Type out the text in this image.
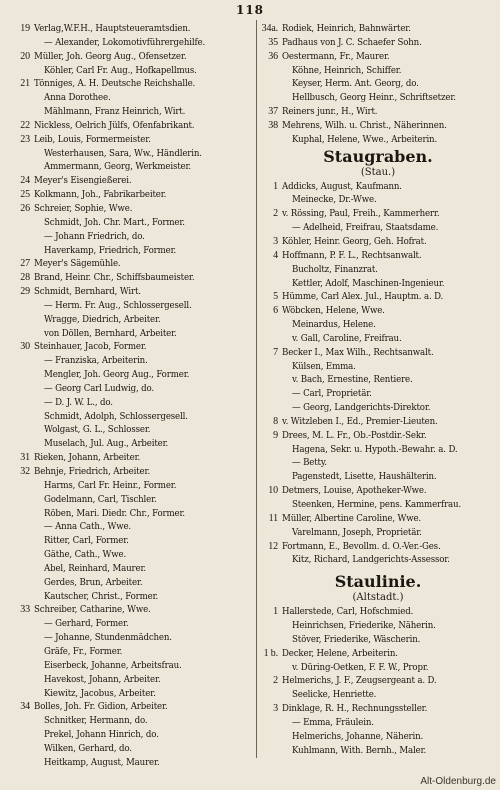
118
19 Verlag,W.F.H., Hauptsteueramtsdien.
— Alexander, Lokomotivführergehilfe.
20 Müller, Joh. Georg Aug., Ofensetzer.
Köhler, Carl Fr. Aug., Hofkapellmus.
21 Tönniges, A. H. Deutsche Reichshalle.
Anna Dorothee.
Mählmann, Franz Heinrich, Wirt.
22 Nickless, Oelrich Jülfs, Ofenfabrikant.
23 Leib, Louis, Formermeister.
Westerhausen, Sara, Ww., Händlerin.
Ammermann, Georg, Werkmeister.
24 Meyer's Eisengießerei.
25 Kolkmann, Joh., Fabrikarbeiter.
26 Schreier, Sophie, Wwe.
Schmidt, Joh. Chr. Mart., Former.
— Johann Friedrich, do.
Haverkamp, Friedrich, Former.
27 Meyer's Sägemühle.
28 Brand, Heinr. Chr., Schiffsbaumeister.
29 Schmidt, Bernhard, Wirt.
— Herm. Fr. Aug., Schlossergesell.
Wragge, Diedrich, Arbeiter.
von Döllen, Bernhard, Arbeiter.
30 Steinhauer, Jacob, Former.
— Franziska, Arbeiterin.
Mengler, Joh. Georg Aug., Former.
— Georg Carl Ludwig, do.
— D. J. W. L., do.
Schmidt, Adolph, Schlossergesell.
Wolgast, G. L., Schlosser.
Muselach, Jul. Aug., Arbeiter.
31 Rieken, Johann, Arbeiter.
32 Behnje, Friedrich, Arbeiter.
Harms, Carl Fr. Heinr., Former.
Godelmann, Carl, Tischler.
Röben, Mari. Diedr. Chr., Former.
— Anna Cath., Wwe.
Ritter, Carl, Former.
Gäthe, Cath., Wwe.
Abel, Reinhard, Maurer.
Gerdes, Brun, Arbeiter.
Kautscher, Christ., Former.
33 Schreiber, Catharine, Wwe.
— Gerhard, Former.
— Johanne, Stundenmädchen.
Gräfe, Fr., Former.
Eiserbeck, Johanne, Arbeitsfrau.
Havekost, Johann, Arbeiter.
Kiewitz, Jacobus, Arbeiter.
34 Bolles, Joh. Fr. Gidion, Arbeiter.
Schnitker, Hermann, do.
Prekel, Johann Hinrich, do.
Wilken, Gerhard, do.
Heitkamp, August, Maurer.
34a. Rodiek, Heinrich, Bahnwärter.
35 Padhaus von J. C. Schaefer Sohn.
36 Oestermann, Fr., Maurer.
Köhne, Heinrich, Schiffer.
Keyser, Herm. Ant. Georg, do.
Hellbusch, Georg Heinr., Schriftsetzer.
37 Reiners junr., H., Wirt.
38 Mehrens, Wilh. u. Christ., Näherinnen.
Kuphal, Helene, Wwe., Arbeiterin.
Staugraben.
(Stau.)
1 Addicks, August, Kaufmann.
Meinecke, Dr.-Wwe.
2 v. Rössing, Paul, Freih., Kammerherr.
— Adelheid, Freifrau, Staatsdame.
3 Köhler, Heinr. Georg, Geh. Hofrat.
4 Hoffmann, P. F. L., Rechtsanwalt.
Bucholtz, Finanzrat.
Kettler, Adolf, Maschinen-Ingenieur.
5 Hümme, Carl Alex. Jul., Hauptm. a. D.
6 Wöbcken, Helene, Wwe.
Meinardus, Helene.
v. Gall, Caroline, Freifrau.
7 Becker I., Max Wilh., Rechtsanwalt.
Külsen, Emma.
v. Bach, Ernestine, Rentiere.
— Carl, Proprietär.
— Georg, Landgerichts-Direktor.
8 v. Witzleben I., Ed., Premier-Lieuten.
9 Drees, M. L. Fr., Ob.-Postdir.-Sekr.
Hagena, Sekr. u. Hypoth.-Bewahr. a. D.
— Betty.
Pagenstedt, Lisette, Haushälterin.
10 Detmers, Louise, Apotheker-Wwe.
Steenken, Hermine, pens. Kammerfrau.
11 Müller, Albertine Caroline, Wwe.
Varelmann, Joseph, Proprietär.
12 Fortmann, E., Bevollm. d. O.-Ver.-Ges.
Kitz, Richard, Landgerichts-Assessor.
Staulinie.
(Altstadt.)
1 Hallerstede, Carl, Hofschmied.
Heinrichsen, Friederike, Näherin.
Stöver, Friederike, Wäscherin.
1 b. Decker, Helene, Arbeiterin.
v. Düring-Oetken, F. F. W., Propr.
2 Helmerichs, J. F., Zeugsergeant a. D.
Seelicke, Henriette.
3 Dinklage, R. H., Rechnungssteller.
— Emma, Fräulein.
Helmerichs, Johanne, Näherin.
Kuhlmann, With. Bernh., Maler.
Alt-Oldenburg.de
